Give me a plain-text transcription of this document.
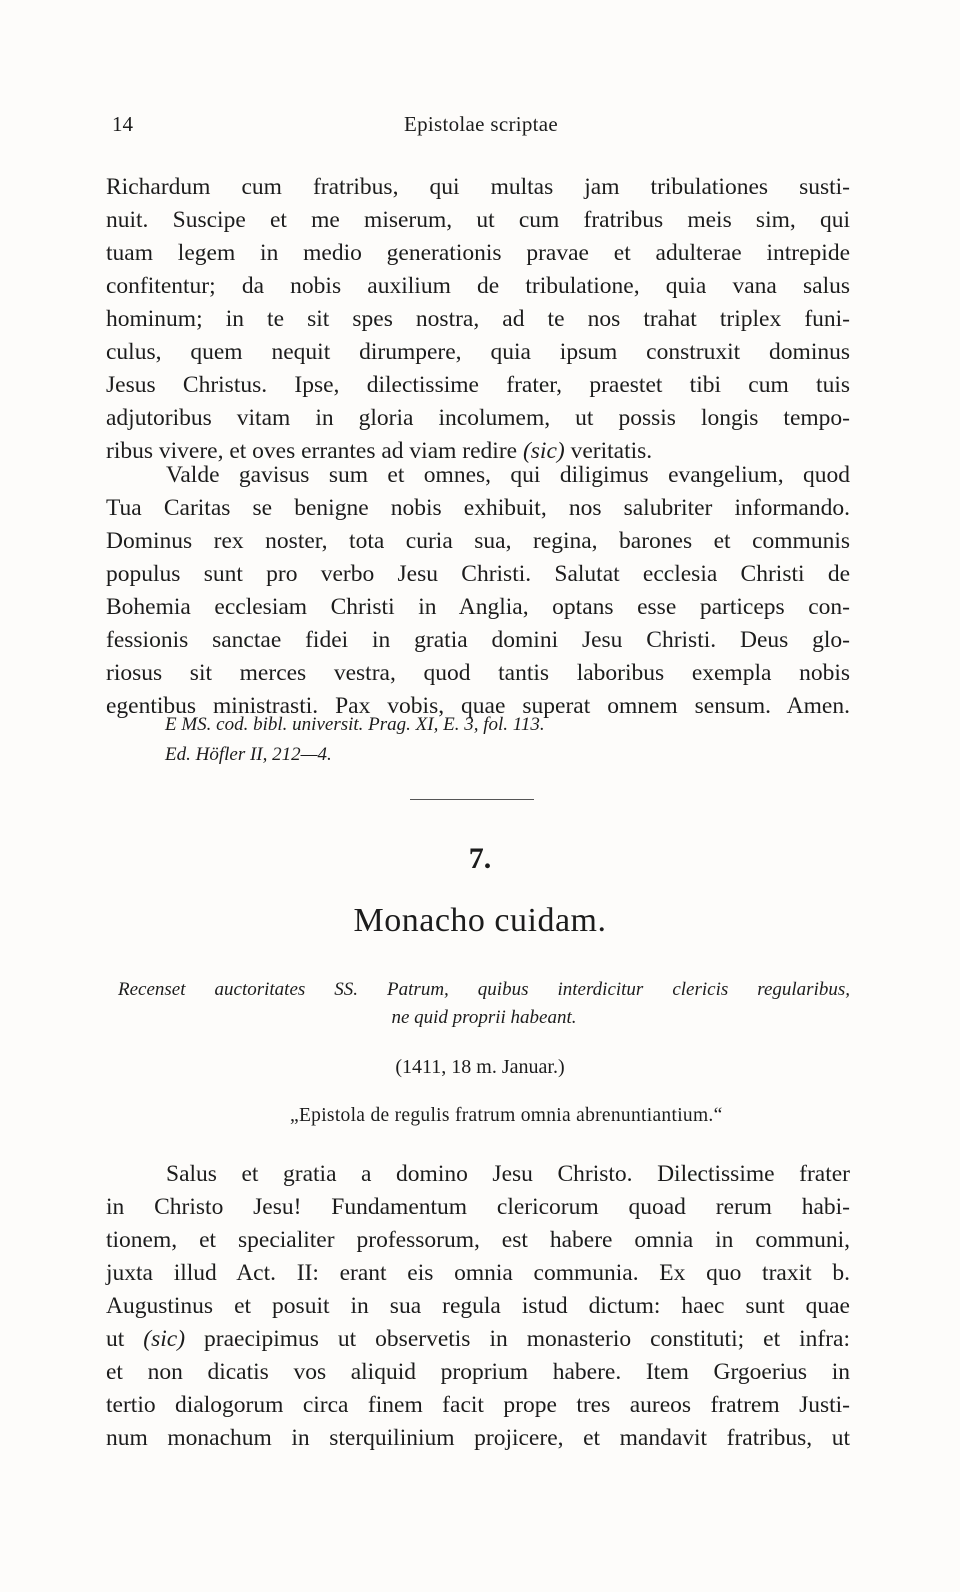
14	Epistolae scriptae
Richardum cum fratribus, qui multas jam tribulationes susti-
nuit. Suscipe et me miserum, ut cum fratribus meis sim, qui
tuam legem in medio generationis pravae et adulterae intrepide
confitentur; da nobis auxilium de tribulatione, quia vana salus
hominum; in te sit spes nostra, ad te nos trahat triplex funi-
culus, quem nequit dirumpere, quia ipsum construxit dominus
Jesus Christus. Ipse, dilectissime frater, praestet tibi cum tuis
adjutoribus vitam in gloria incolumem, ut possis longis tempo-
ribus vivere, et oves errantes ad viam redire (sic) veritatis.
Valde gavisus sum et omnes, qui diligimus evangelium, quod
Tua Caritas se benigne nobis exhibuit, nos salubriter informando.
Dominus rex noster, tota curia sua, regina, barones et communis
populus sunt pro verbo Jesu Christi. Salutat ecclesia Christi de
Bohemia ecclesiam Christi in Anglia, optans esse particeps con-
fessionis sanctae fidei in gratia domini Jesu Christi. Deus glo-
riosus sit merces vestra, quod tantis laboribus exempla nobis
egentibus ministrasti. Pax vobis, quae superat omnem sensum. Amen.
E MS. cod. bibl. universit. Prag. XI, E. 3, fol. 113.
Ed. Höfler II, 212—4.
7.
Monacho cuidam.
Recenset auctoritates SS. Patrum, quibus interdicitur clericis regularibus,
ne quid proprii habeant.
(1411, 18 m. Januar.)
„Epistola de regulis fratrum omnia abrenuntiantium.“
Salus et gratia a domino Jesu Christo. Dilectissime frater
in Christo Jesu! Fundamentum clericorum quoad rerum habi-
tionem, et specialiter professorum, est habere omnia in communi,
juxta illud Act. II: erant eis omnia communia. Ex quo traxit b.
Augustinus et posuit in sua regula istud dictum: haec sunt quae
ut (sic) praecipimus ut observetis in monasterio constituti; et infra:
et non dicatis vos aliquid proprium habere. Item Grgoerius in
tertio dialogorum circa finem facit prope tres aureos fratrem Justi-
num monachum in sterquilinium projicere, et mandavit fratribus, ut
